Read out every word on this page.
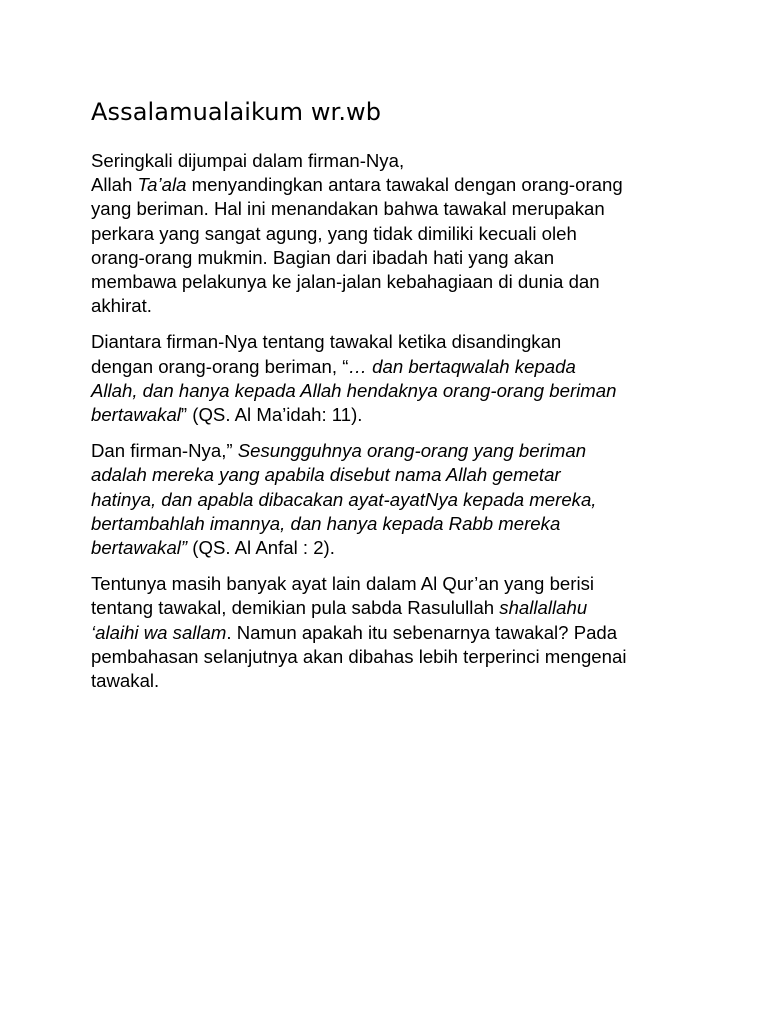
Assalamualaikum wr.wb

Seringkali dijumpai dalam firman-Nya,
Allah Ta’ala menyandingkan antara tawakal dengan orang-orang
yang beriman. Hal ini menandakan bahwa tawakal merupakan
perkara yang sangat agung, yang tidak dimiliki kecuali oleh
orang-orang mukmin. Bagian dari ibadah hati yang akan
membawa pelakunya ke jalan-jalan kebahagiaan di dunia dan
akhirat.

Diantara firman-Nya tentang tawakal ketika disandingkan
dengan orang-orang beriman, “… dan bertaqwalah kepada
Allah, dan hanya kepada Allah hendaknya orang-orang beriman
bertawakal” (QS. Al Ma’idah: 11).

Dan firman-Nya,” Sesungguhnya orang-orang yang beriman
adalah mereka yang apabila disebut nama Allah gemetar
hatinya, dan apabla dibacakan ayat-ayatNya kepada mereka,
bertambahlah imannya, dan hanya kepada Rabb mereka
bertawakal” (QS. Al Anfal : 2).

Tentunya masih banyak ayat lain dalam Al Qur’an yang berisi
tentang tawakal, demikian pula sabda Rasulullah shallallahu
‘alaihi wa sallam. Namun apakah itu sebenarnya tawakal? Pada
pembahasan selanjutnya akan dibahas lebih terperinci mengenai
tawakal.
